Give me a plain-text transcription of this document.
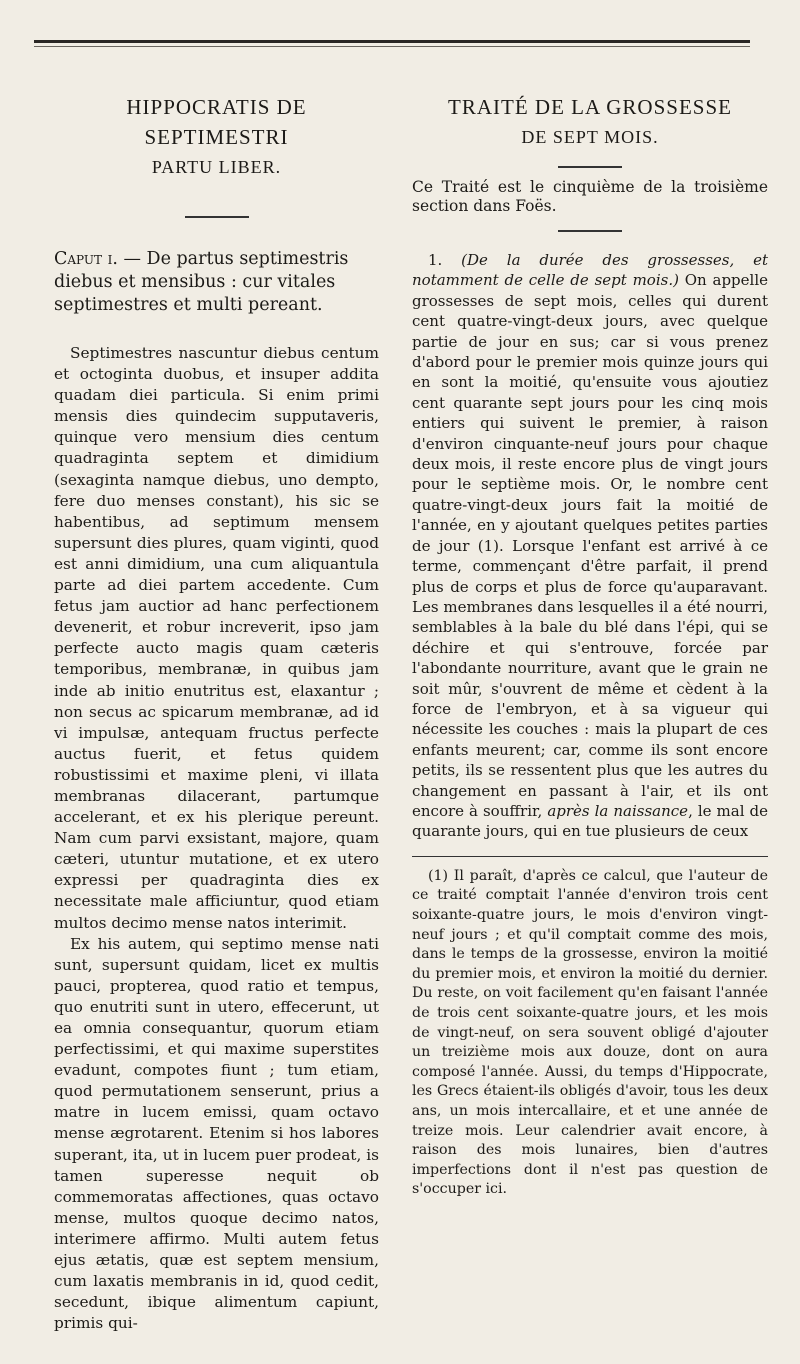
HIPPOCRATIS DE SEPTIMESTRI

PARTU LIBER.

Caput i. — De partus septimestris diebus et mensibus : cur vitales septimestres et multi pereant.

Septimestres nascuntur diebus centum et octoginta duobus, et insuper addita quadam diei particula. Si enim primi mensis dies quindecim supputaveris, quinque vero mensium dies centum quadraginta septem et dimidium (sexaginta namque diebus, uno dempto, fere duo menses constant), his sic se habentibus, ad septimum mensem supersunt dies plures, quam viginti, quod est anni dimidium, una cum aliquantula parte ad diei partem accedente. Cum fetus jam auctior ad hanc perfectionem devenerit, et robur increverit, ipso jam perfecte aucto magis quam cæteris temporibus, membranæ, in quibus jam inde ab initio enutritus est, elaxantur ; non secus ac spicarum membranæ, ad id vi impulsæ, antequam fructus perfecte auctus fuerit, et fetus quidem robustissimi et maxime pleni, vi illata membranas dilacerant, partumque accelerant, et ex his plerique pereunt. Nam cum parvi exsistant, majore, quam cæteri, utuntur mutatione, et ex utero expressi per quadraginta dies ex necessitate male afficiuntur, quod etiam multos decimo mense natos interimit.

Ex his autem, qui septimo mense nati sunt, supersunt quidam, licet ex multis pauci, propterea, quod ratio et tempus, quo enutriti sunt in utero, effecerunt, ut ea omnia consequantur, quorum etiam perfectissimi, et qui maxime superstites evadunt, compotes fiunt ; tum etiam, quod permutationem senserunt, prius a matre in lucem emissi, quam octavo mense ægrotarent. Etenim si hos labores superant, ita, ut in lucem puer prodeat, is tamen superesse nequit ob commemoratas affectiones, quas octavo mense, multos quoque decimo natos, interimere affirmo. Multi autem fetus ejus ætatis, quæ est septem mensium, cum laxatis membranis in id, quod cedit, secedunt, ibique alimentum capiunt, primis qui-

TRAITÉ DE LA GROSSESSE

DE SEPT MOIS.

Ce Traité est le cinquième de la troisième section dans Foës.

1. (De la durée des grossesses, et notamment de celle de sept mois.) On appelle grossesses de sept mois, celles qui durent cent quatre-vingt-deux jours, avec quelque partie de jour en sus; car si vous prenez d'abord pour le premier mois quinze jours qui en sont la moitié, qu'ensuite vous ajoutiez cent quarante sept jours pour les cinq mois entiers qui suivent le premier, à raison d'environ cinquante-neuf jours pour chaque deux mois, il reste encore plus de vingt jours pour le septième mois. Or, le nombre cent quatre-vingt-deux jours fait la moitié de l'année, en y ajoutant quelques petites parties de jour (1). Lorsque l'enfant est arrivé à ce terme, commençant d'être parfait, il prend plus de corps et plus de force qu'auparavant. Les membranes dans lesquelles il a été nourri, semblables à la bale du blé dans l'épi, qui se déchire et qui s'entrouve, forcée par l'abondante nourriture, avant que le grain ne soit mûr, s'ouvrent de même et cèdent à la force de l'embryon, et à sa vigueur qui nécessite les couches : mais la plupart de ces enfants meurent; car, comme ils sont encore petits, ils se ressentent plus que les autres du changement en passant à l'air, et ils ont encore à souffrir, après la naissance, le mal de quarante jours, qui en tue plusieurs de ceux

(1) Il paraît, d'après ce calcul, que l'auteur de ce traité comptait l'année d'environ trois cent soixante-quatre jours, le mois d'environ vingt-neuf jours ; et qu'il comptait comme des mois, dans le temps de la grossesse, environ la moitié du premier mois, et environ la moitié du dernier. Du reste, on voit facilement qu'en faisant l'année de trois cent soixante-quatre jours, et les mois de vingt-neuf, on sera souvent obligé d'ajouter un treizième mois aux douze, dont on aura composé l'année. Aussi, du temps d'Hippocrate, les Grecs étaient-ils obligés d'avoir, tous les deux ans, un mois intercallaire, et et une année de treize mois. Leur calendrier avait encore, à raison des mois lunaires, bien d'autres imperfections dont il n'est pas question de s'occuper ici.
